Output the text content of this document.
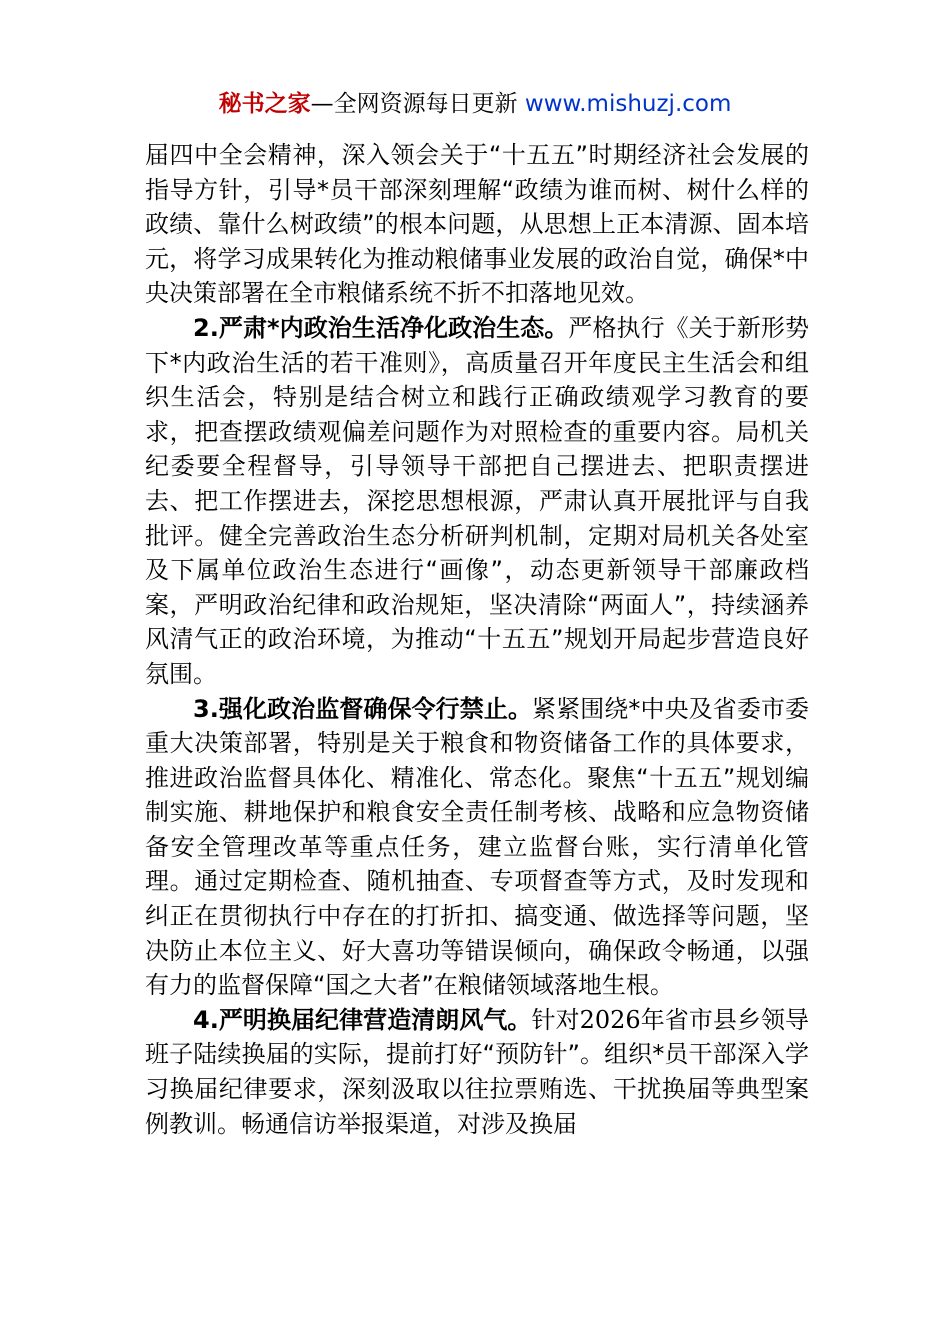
秘书之家—全网资源每日更新 www.mishuzj.com

届四中全会精神，深入领会关于“十五五”时期经济社会发展的指导方针，引导*员干部深刻理解“政绩为谁而树、树什么样的政绩、靠什么树政绩”的根本问题，从思想上正本清源、固本培元，将学习成果转化为推动粮储事业发展的政治自觉，确保*中央决策部署在全市粮储系统不折不扣落地见效。

2.严肃*内政治生活净化政治生态。严格执行《关于新形势下*内政治生活的若干准则》，高质量召开年度民主生活会和组织生活会，特别是结合树立和践行正确政绩观学习教育的要求，把查摆政绩观偏差问题作为对照检查的重要内容。局机关纪委要全程督导，引导领导干部把自己摆进去、把职责摆进去、把工作摆进去，深挖思想根源，严肃认真开展批评与自我批评。健全完善政治生态分析研判机制，定期对局机关各处室及下属单位政治生态进行“画像”，动态更新领导干部廉政档案，严明政治纪律和政治规矩，坚决清除“两面人”，持续涵养风清气正的政治环境，为推动“十五五”规划开局起步营造良好氛围。

3.强化政治监督确保令行禁止。紧紧围绕*中央及省委市委重大决策部署，特别是关于粮食和物资储备工作的具体要求，推进政治监督具体化、精准化、常态化。聚焦“十五五”规划编制实施、耕地保护和粮食安全责任制考核、战略和应急物资储备安全管理改革等重点任务，建立监督台账，实行清单化管理。通过定期检查、随机抽查、专项督查等方式，及时发现和纠正在贯彻执行中存在的打折扣、搞变通、做选择等问题，坚决防止本位主义、好大喜功等错误倾向，确保政令畅通，以强有力的监督保障“国之大者”在粮储领域落地生根。

4.严明换届纪律营造清朗风气。针对2026年省市县乡领导班子陆续换届的实际，提前打好“预防针”。组织*员干部深入学习换届纪律要求，深刻汲取以往拉票贿选、干扰换届等典型案例教训。畅通信访举报渠道，对涉及换届
